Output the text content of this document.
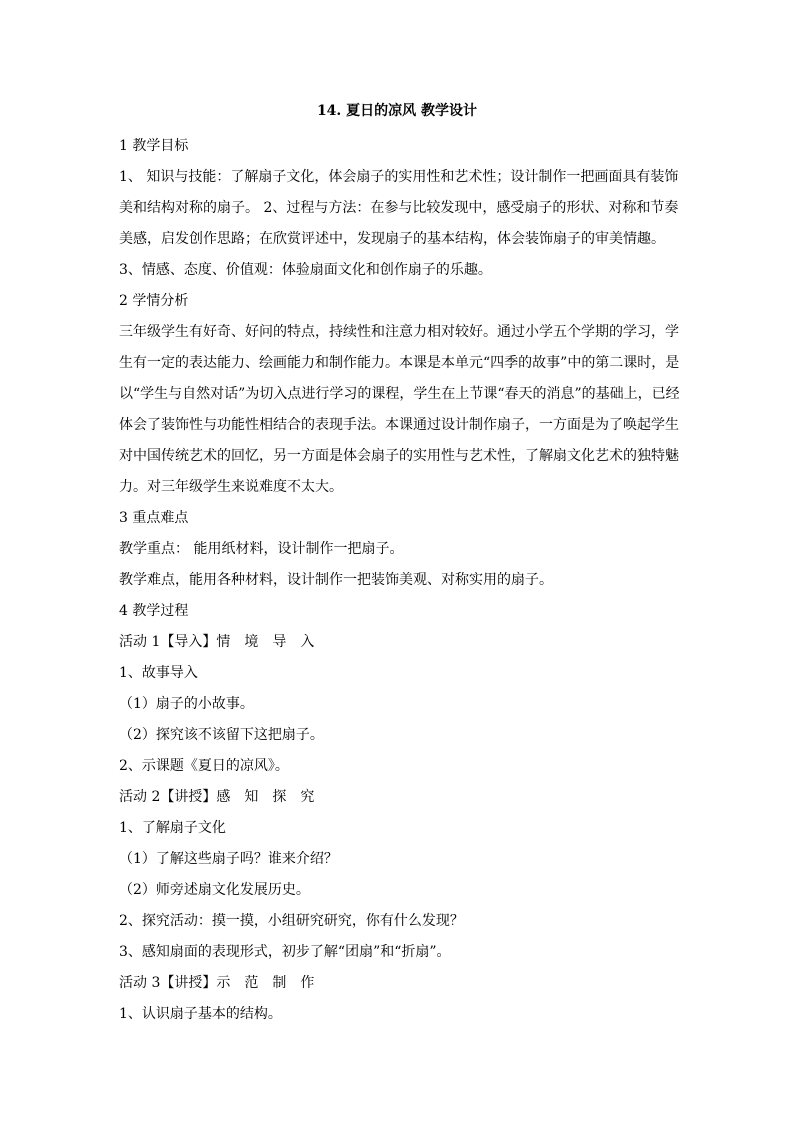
14. 夏日的凉风 教学设计
1 教学目标
1、 知识与技能：了解扇子文化，体会扇子的实用性和艺术性；设计制作一把画面具有装饰
美和结构对称的扇子。 2、过程与方法：在参与比较发现中，感受扇子的形状、对称和节奏
美感，启发创作思路；在欣赏评述中，发现扇子的基本结构，体会装饰扇子的审美情趣。
3、情感、态度、价值观：体验扇面文化和创作扇子的乐趣。
2 学情分析
三年级学生有好奇、好问的特点，持续性和注意力相对较好。通过小学五个学期的学习，学
生有一定的表达能力、绘画能力和制作能力。本课是本单元“四季的故事”中的第二课时，是
以“学生与自然对话”为切入点进行学习的课程，学生在上节课“春天的消息”的基础上，已经
体会了装饰性与功能性相结合的表现手法。本课通过设计制作扇子，一方面是为了唤起学生
对中国传统艺术的回忆，另一方面是体会扇子的实用性与艺术性，了解扇文化艺术的独特魅
力。对三年级学生来说难度不太大。
3 重点难点
教学重点： 能用纸材料，设计制作一把扇子。
教学难点，能用各种材料，设计制作一把装饰美观、对称实用的扇子。
4 教学过程
活动 1【导入】情　境　导　入
1、故事导入
（1）扇子的小故事。
（2）探究该不该留下这把扇子。
2、示课题《夏日的凉风》。
活动 2【讲授】感　知　探　究
1、了解扇子文化
（1）了解这些扇子吗？谁来介绍？
（2）师旁述扇文化发展历史。
2、探究活动：摸一摸，小组研究研究，你有什么发现？
3、感知扇面的表现形式，初步了解“团扇”和“折扇”。
活动 3【讲授】示　范　制　作
1、认识扇子基本的结构。
